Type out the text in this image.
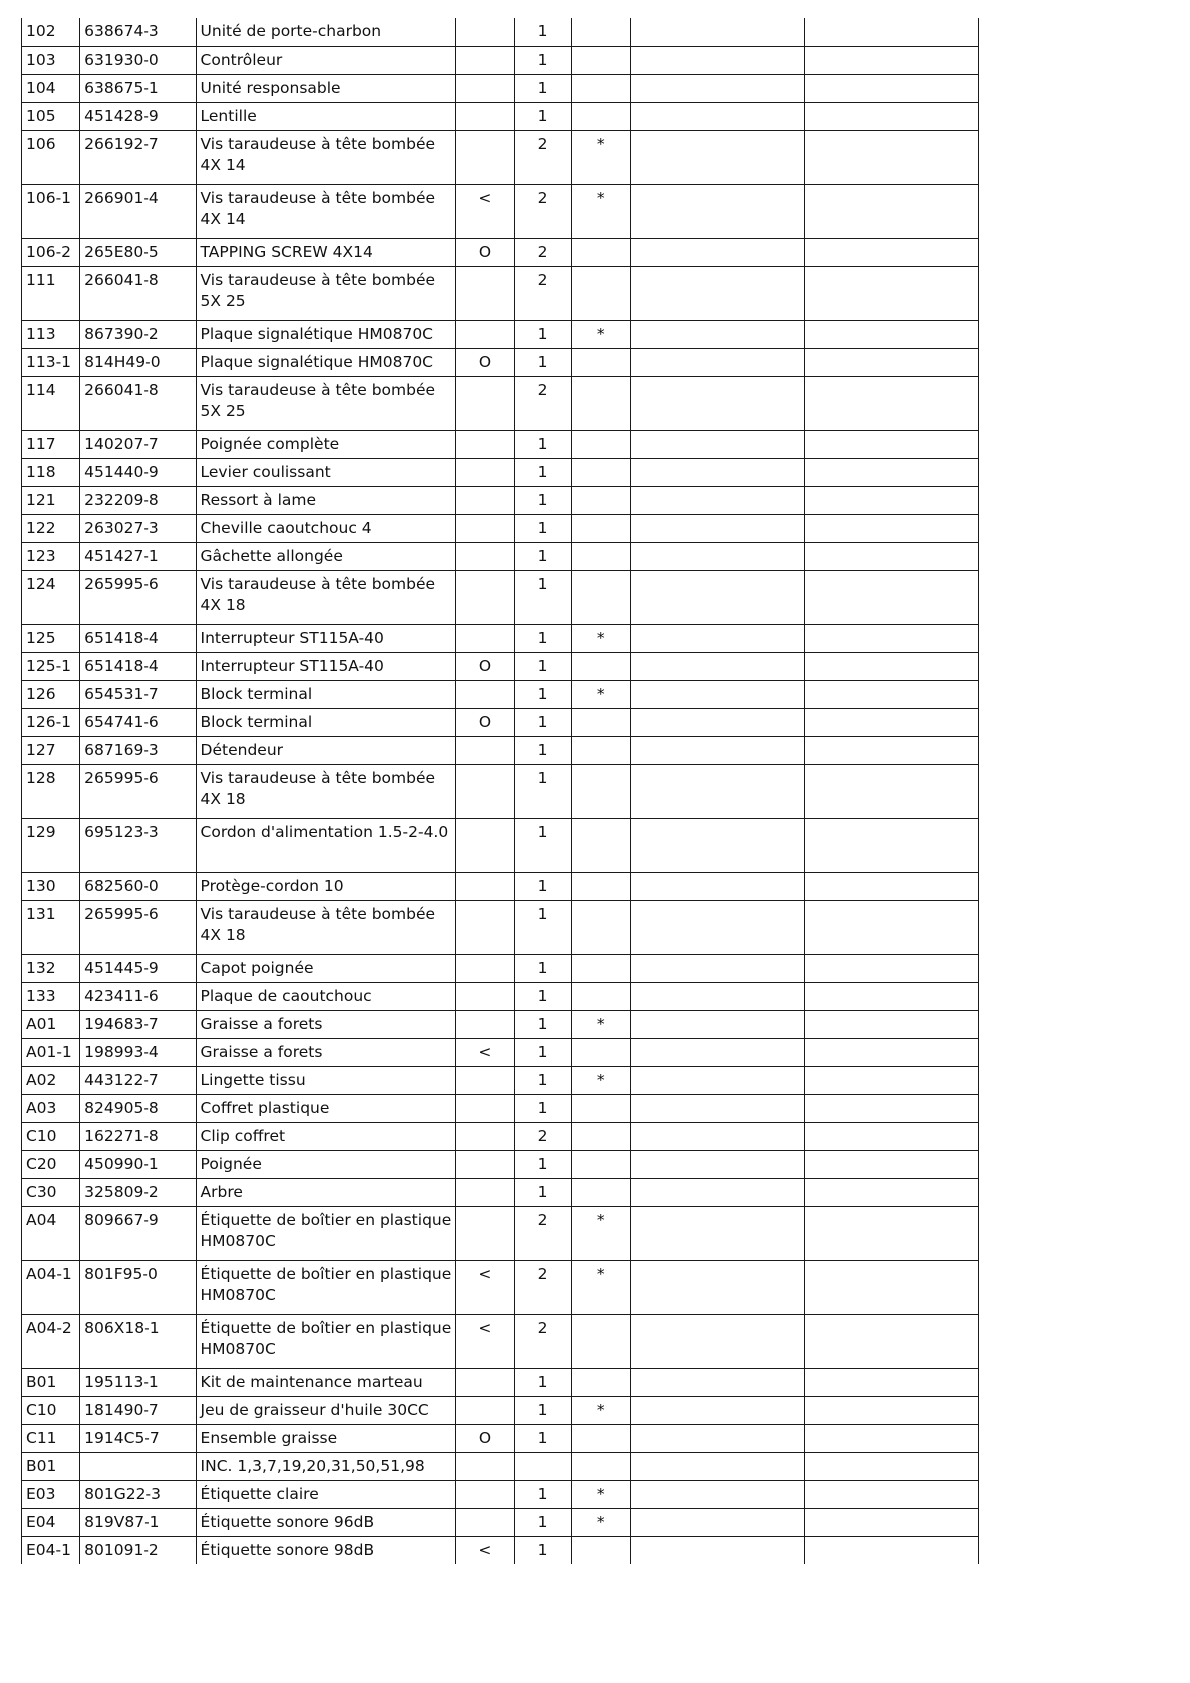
102	638674-3	Unité de porte-charbon		1			
103	631930-0	Contrôleur		1			
104	638675-1	Unité responsable		1			
105	451428-9	Lentille		1			
106	266192-7	Vis taraudeuse à tête bombée 4X 14		2	*		
106-1	266901-4	Vis taraudeuse à tête bombée 4X 14	<	2	*		
106-2	265E80-5	TAPPING SCREW 4X14	O	2			
111	266041-8	Vis taraudeuse à tête bombée 5X 25		2			
113	867390-2	Plaque signalétique HM0870C		1	*		
113-1	814H49-0	Plaque signalétique HM0870C	O	1			
114	266041-8	Vis taraudeuse à tête bombée 5X 25		2			
117	140207-7	Poignée complète		1			
118	451440-9	Levier coulissant		1			
121	232209-8	Ressort à lame		1			
122	263027-3	Cheville caoutchouc 4		1			
123	451427-1	Gâchette allongée		1			
124	265995-6	Vis taraudeuse à tête bombée 4X 18		1			
125	651418-4	Interrupteur ST115A-40		1	*		
125-1	651418-4	Interrupteur ST115A-40	O	1			
126	654531-7	Block terminal		1	*		
126-1	654741-6	Block terminal	O	1			
127	687169-3	Détendeur		1			
128	265995-6	Vis taraudeuse à tête bombée 4X 18		1			
129	695123-3	Cordon d'alimentation 1.5-2-4.0		1			
130	682560-0	Protège-cordon 10		1			
131	265995-6	Vis taraudeuse à tête bombée 4X 18		1			
132	451445-9	Capot poignée		1			
133	423411-6	Plaque de caoutchouc		1			
A01	194683-7	Graisse a forets		1	*		
A01-1	198993-4	Graisse a forets	<	1			
A02	443122-7	Lingette tissu		1	*		
A03	824905-8	Coffret plastique		1			
C10	162271-8	Clip coffret		2			
C20	450990-1	Poignée		1			
C30	325809-2	Arbre		1			
A04	809667-9	Étiquette de boîtier en plastique HM0870C		2	*		
A04-1	801F95-0	Étiquette de boîtier en plastique HM0870C	<	2	*		
A04-2	806X18-1	Étiquette de boîtier en plastique HM0870C	<	2			
B01	195113-1	Kit de maintenance marteau		1			
C10	181490-7	Jeu de graisseur d'huile 30CC		1	*		
C11	1914C5-7	Ensemble graisse	O	1			
B01		INC. 1,3,7,19,20,31,50,51,98					
E03	801G22-3	Étiquette claire		1	*		
E04	819V87-1	Étiquette sonore 96dB		1	*		
E04-1	801091-2	Étiquette sonore 98dB	<	1			
